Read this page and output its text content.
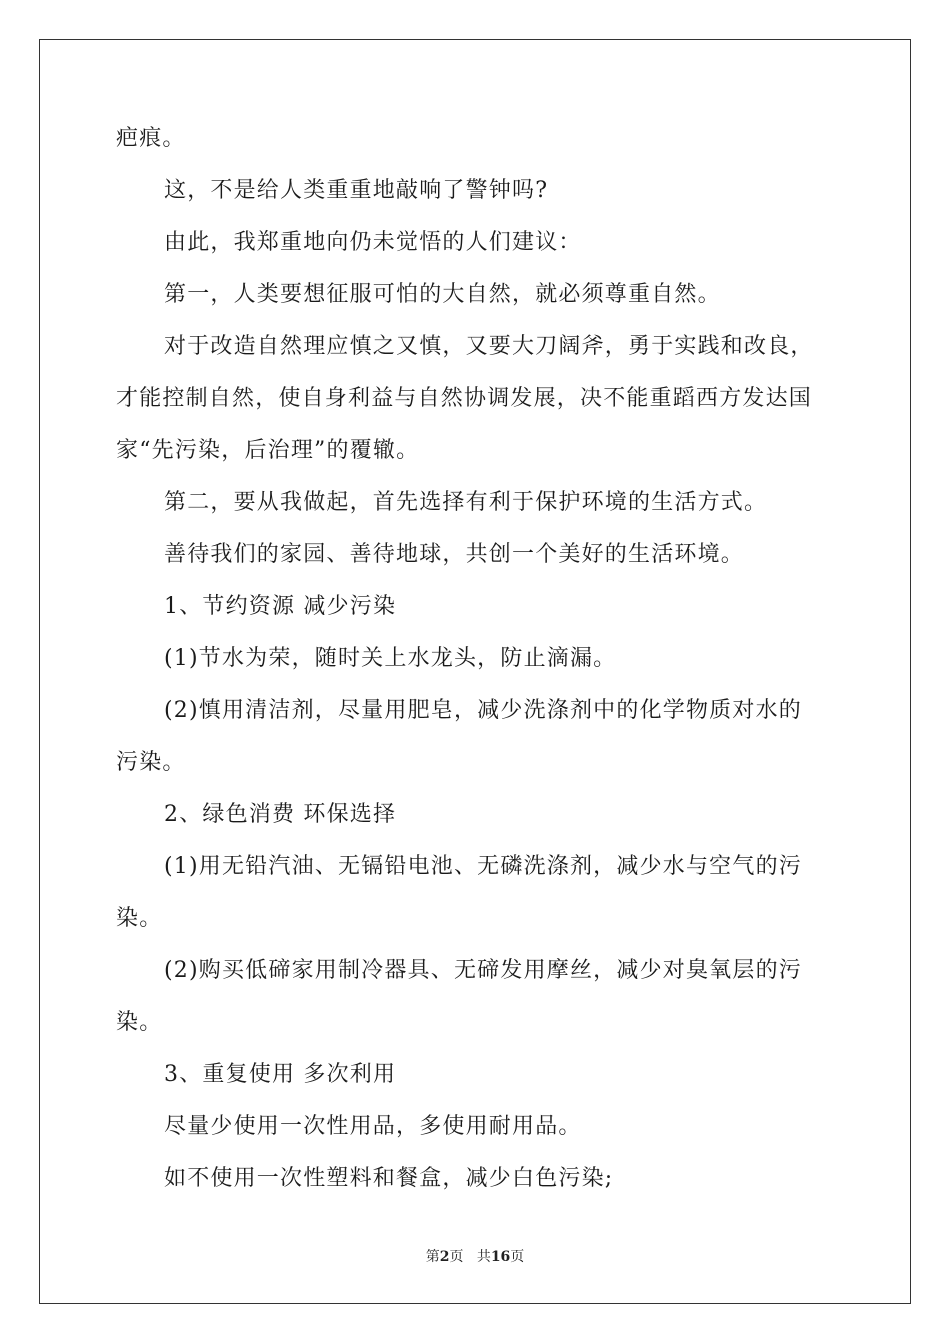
疤痕。
这，不是给人类重重地敲响了警钟吗?
由此，我郑重地向仍未觉悟的人们建议：
第一，人类要想征服可怕的大自然，就必须尊重自然。
对于改造自然理应慎之又慎，又要大刀阔斧，勇于实践和改良，
才能控制自然，使自身利益与自然协调发展，决不能重蹈西方发达国
家“先污染，后治理”的覆辙。
第二，要从我做起，首先选择有利于保护环境的生活方式。
善待我们的家园、善待地球，共创一个美好的生活环境。
1、节约资源 减少污染
(1)节水为荣，随时关上水龙头，防止滴漏。
(2)慎用清洁剂，尽量用肥皂，减少洗涤剂中的化学物质对水的
污染。
2、绿色消费 环保选择
(1)用无铅汽油、无镉铅电池、无磷洗涤剂，减少水与空气的污
染。
(2)购买低碲家用制冷器具、无碲发用摩丝，减少对臭氧层的污
染。
3、重复使用 多次利用
尽量少使用一次性用品，多使用耐用品。
如不使用一次性塑料和餐盒，减少白色污染;
第2页 共16页
